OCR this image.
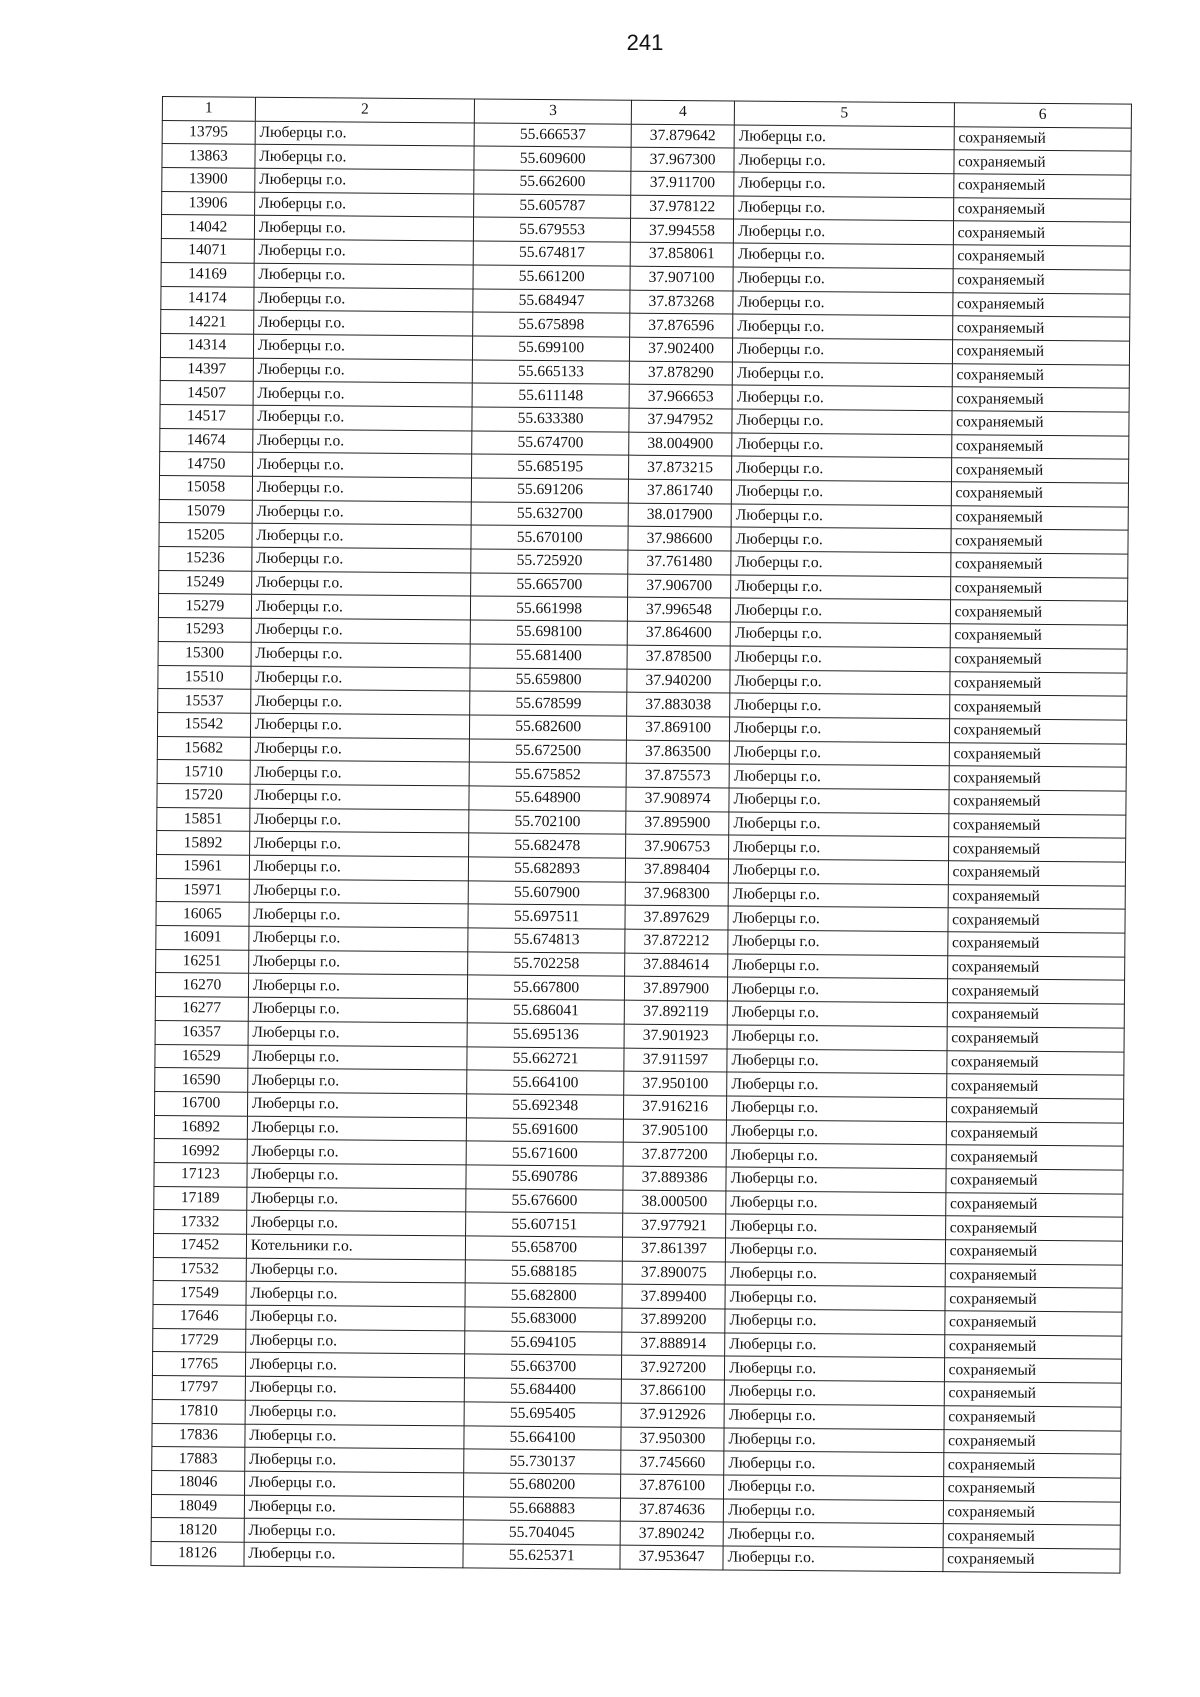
241
1	2	3	4	5	6
13795	Люберцы г.о.	55.666537	37.879642	Люберцы г.о.	сохраняемый
13863	Люберцы г.о.	55.609600	37.967300	Люберцы г.о.	сохраняемый
13900	Люберцы г.о.	55.662600	37.911700	Люберцы г.о.	сохраняемый
13906	Люберцы г.о.	55.605787	37.978122	Люберцы г.о.	сохраняемый
14042	Люберцы г.о.	55.679553	37.994558	Люберцы г.о.	сохраняемый
14071	Люберцы г.о.	55.674817	37.858061	Люберцы г.о.	сохраняемый
14169	Люберцы г.о.	55.661200	37.907100	Люберцы г.о.	сохраняемый
14174	Люберцы г.о.	55.684947	37.873268	Люберцы г.о.	сохраняемый
14221	Люберцы г.о.	55.675898	37.876596	Люберцы г.о.	сохраняемый
14314	Люберцы г.о.	55.699100	37.902400	Люберцы г.о.	сохраняемый
14397	Люберцы г.о.	55.665133	37.878290	Люберцы г.о.	сохраняемый
14507	Люберцы г.о.	55.611148	37.966653	Люберцы г.о.	сохраняемый
14517	Люберцы г.о.	55.633380	37.947952	Люберцы г.о.	сохраняемый
14674	Люберцы г.о.	55.674700	38.004900	Люберцы г.о.	сохраняемый
14750	Люберцы г.о.	55.685195	37.873215	Люберцы г.о.	сохраняемый
15058	Люберцы г.о.	55.691206	37.861740	Люберцы г.о.	сохраняемый
15079	Люберцы г.о.	55.632700	38.017900	Люберцы г.о.	сохраняемый
15205	Люберцы г.о.	55.670100	37.986600	Люберцы г.о.	сохраняемый
15236	Люберцы г.о.	55.725920	37.761480	Люберцы г.о.	сохраняемый
15249	Люберцы г.о.	55.665700	37.906700	Люберцы г.о.	сохраняемый
15279	Люберцы г.о.	55.661998	37.996548	Люберцы г.о.	сохраняемый
15293	Люберцы г.о.	55.698100	37.864600	Люберцы г.о.	сохраняемый
15300	Люберцы г.о.	55.681400	37.878500	Люберцы г.о.	сохраняемый
15510	Люберцы г.о.	55.659800	37.940200	Люберцы г.о.	сохраняемый
15537	Люберцы г.о.	55.678599	37.883038	Люберцы г.о.	сохраняемый
15542	Люберцы г.о.	55.682600	37.869100	Люберцы г.о.	сохраняемый
15682	Люберцы г.о.	55.672500	37.863500	Люберцы г.о.	сохраняемый
15710	Люберцы г.о.	55.675852	37.875573	Люберцы г.о.	сохраняемый
15720	Люберцы г.о.	55.648900	37.908974	Люберцы г.о.	сохраняемый
15851	Люберцы г.о.	55.702100	37.895900	Люберцы г.о.	сохраняемый
15892	Люберцы г.о.	55.682478	37.906753	Люберцы г.о.	сохраняемый
15961	Люберцы г.о.	55.682893	37.898404	Люберцы г.о.	сохраняемый
15971	Люберцы г.о.	55.607900	37.968300	Люберцы г.о.	сохраняемый
16065	Люберцы г.о.	55.697511	37.897629	Люберцы г.о.	сохраняемый
16091	Люберцы г.о.	55.674813	37.872212	Люберцы г.о.	сохраняемый
16251	Люберцы г.о.	55.702258	37.884614	Люберцы г.о.	сохраняемый
16270	Люберцы г.о.	55.667800	37.897900	Люберцы г.о.	сохраняемый
16277	Люберцы г.о.	55.686041	37.892119	Люберцы г.о.	сохраняемый
16357	Люберцы г.о.	55.695136	37.901923	Люберцы г.о.	сохраняемый
16529	Люберцы г.о.	55.662721	37.911597	Люберцы г.о.	сохраняемый
16590	Люберцы г.о.	55.664100	37.950100	Люберцы г.о.	сохраняемый
16700	Люберцы г.о.	55.692348	37.916216	Люберцы г.о.	сохраняемый
16892	Люберцы г.о.	55.691600	37.905100	Люберцы г.о.	сохраняемый
16992	Люберцы г.о.	55.671600	37.877200	Люберцы г.о.	сохраняемый
17123	Люберцы г.о.	55.690786	37.889386	Люберцы г.о.	сохраняемый
17189	Люберцы г.о.	55.676600	38.000500	Люберцы г.о.	сохраняемый
17332	Люберцы г.о.	55.607151	37.977921	Люберцы г.о.	сохраняемый
17452	Котельники г.о.	55.658700	37.861397	Люберцы г.о.	сохраняемый
17532	Люберцы г.о.	55.688185	37.890075	Люберцы г.о.	сохраняемый
17549	Люберцы г.о.	55.682800	37.899400	Люберцы г.о.	сохраняемый
17646	Люберцы г.о.	55.683000	37.899200	Люберцы г.о.	сохраняемый
17729	Люберцы г.о.	55.694105	37.888914	Люберцы г.о.	сохраняемый
17765	Люберцы г.о.	55.663700	37.927200	Люберцы г.о.	сохраняемый
17797	Люберцы г.о.	55.684400	37.866100	Люберцы г.о.	сохраняемый
17810	Люберцы г.о.	55.695405	37.912926	Люберцы г.о.	сохраняемый
17836	Люберцы г.о.	55.664100	37.950300	Люберцы г.о.	сохраняемый
17883	Люберцы г.о.	55.730137	37.745660	Люберцы г.о.	сохраняемый
18046	Люберцы г.о.	55.680200	37.876100	Люберцы г.о.	сохраняемый
18049	Люберцы г.о.	55.668883	37.874636	Люберцы г.о.	сохраняемый
18120	Люберцы г.о.	55.704045	37.890242	Люберцы г.о.	сохраняемый
18126	Люберцы г.о.	55.625371	37.953647	Люберцы г.о.	сохраняемый
